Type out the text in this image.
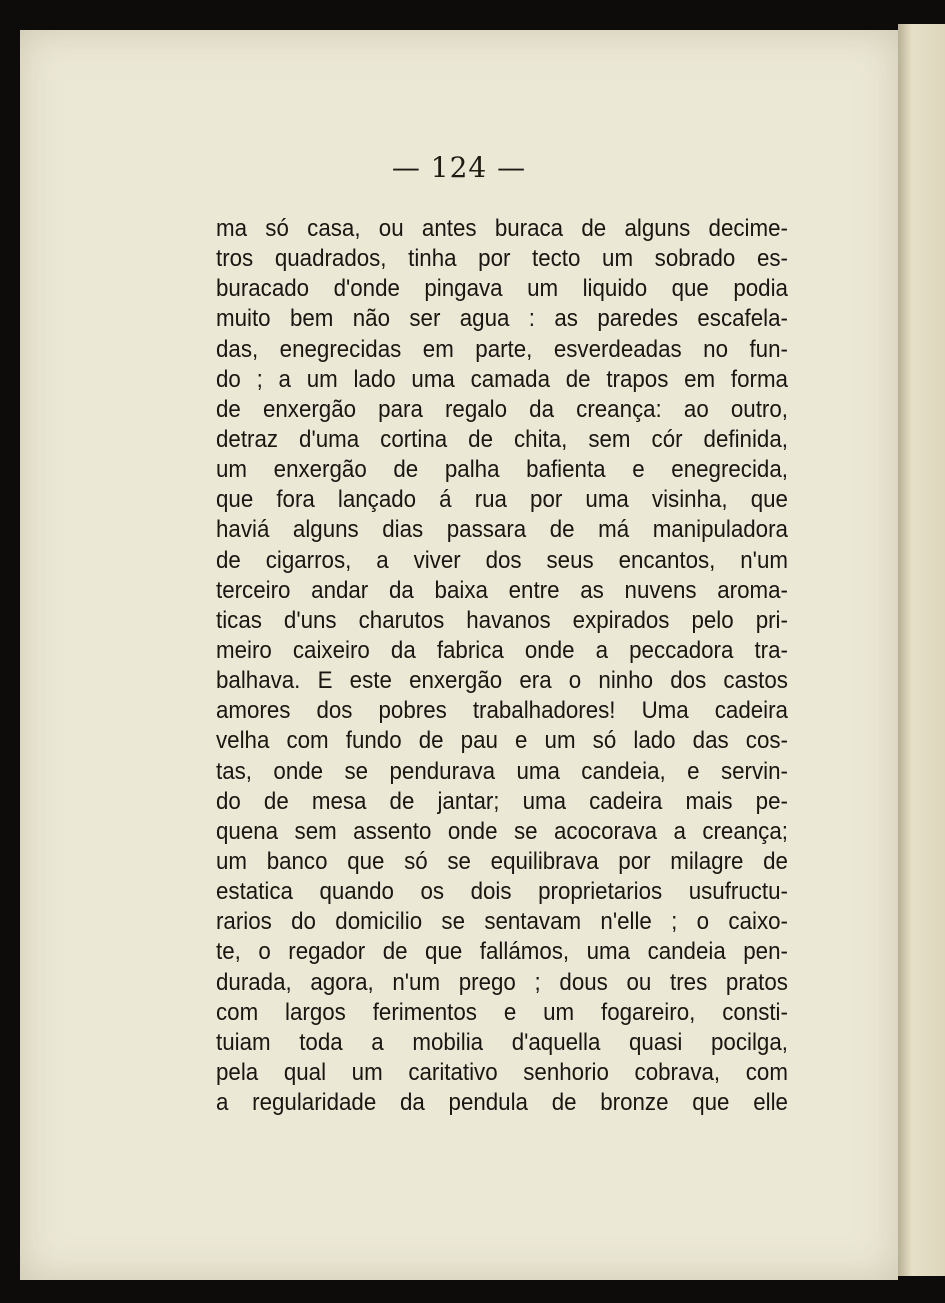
— 124 —
ma só casa, ou antes buraca de alguns decime-
tros quadrados, tinha por tecto um sobrado es-
buracado d'onde pingava um liquido que podia
muito bem não ser agua : as paredes escafela-
das, enegrecidas em parte, esverdeadas no fun-
do ; a um lado uma camada de trapos em forma
de enxergão para regalo da creança: ao outro,
detraz d'uma cortina de chita, sem cór definida,
um enxergão de palha bafienta e enegrecida,
que fora lançado á rua por uma visinha, que
haviá alguns dias passara de má manipuladora
de cigarros, a viver dos seus encantos, n'um
terceiro andar da baixa entre as nuvens aroma-
ticas d'uns charutos havanos expirados pelo pri-
meiro caixeiro da fabrica onde a peccadora tra-
balhava. E este enxergão era o ninho dos castos
amores dos pobres trabalhadores! Uma cadeira
velha com fundo de pau e um só lado das cos-
tas, onde se pendurava uma candeia, e servin-
do de mesa de jantar; uma cadeira mais pe-
quena sem assento onde se acocorava a creança;
um banco que só se equilibrava por milagre de
estatica quando os dois proprietarios usufructu-
rarios do domicilio se sentavam n'elle ; o caixo-
te, o regador de que fallámos, uma candeia pen-
durada, agora, n'um prego ; dous ou tres pratos
com largos ferimentos e um fogareiro, consti-
tuiam toda a mobilia d'aquella quasi pocilga,
pela qual um caritativo senhorio cobrava, com
a regularidade da pendula de bronze que elle
